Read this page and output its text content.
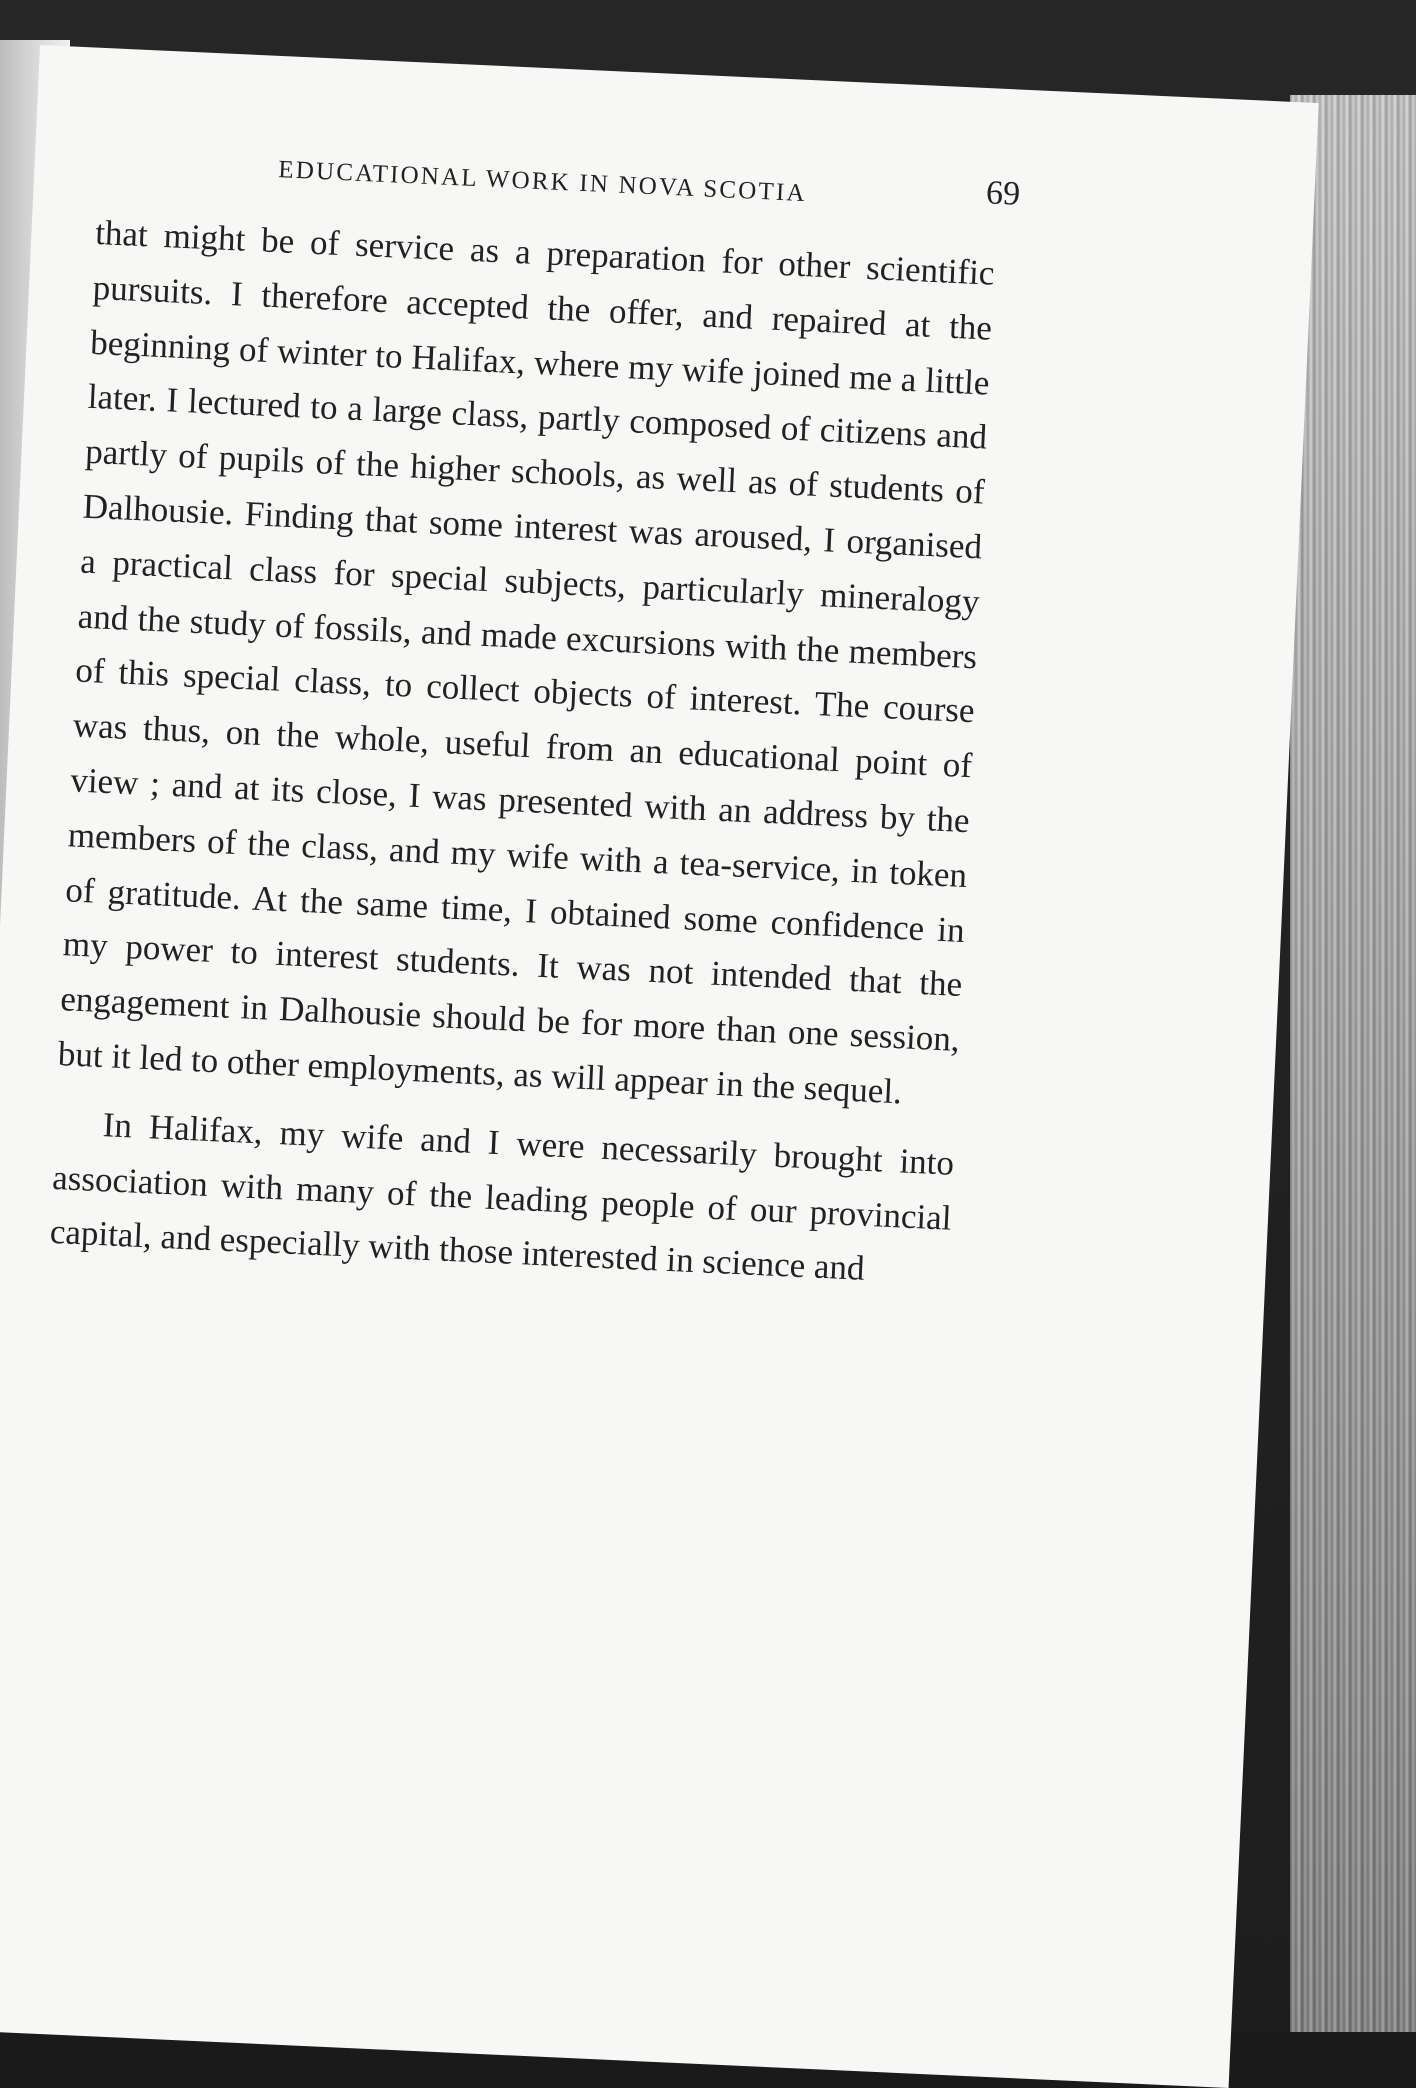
EDUCATIONAL WORK IN NOVA SCOTIA	69

that might be of service as a preparation for other scientific pursuits. I therefore accepted the offer, and repaired at the beginning of winter to Halifax, where my wife joined me a little later. I lectured to a large class, partly composed of citizens and partly of pupils of the higher schools, as well as of students of Dalhousie. Finding that some interest was aroused, I organised a practical class for special subjects, particularly mineralogy and the study of fossils, and made excursions with the members of this special class, to collect objects of interest. The course was thus, on the whole, useful from an educational point of view ; and at its close, I was presented with an address by the members of the class, and my wife with a tea-service, in token of gratitude. At the same time, I obtained some confidence in my power to interest students. It was not intended that the engagement in Dalhousie should be for more than one session, but it led to other employments, as will appear in the sequel.

In Halifax, my wife and I were necessarily brought into association with many of the leading people of our provincial capital, and especially with those interested in science and
